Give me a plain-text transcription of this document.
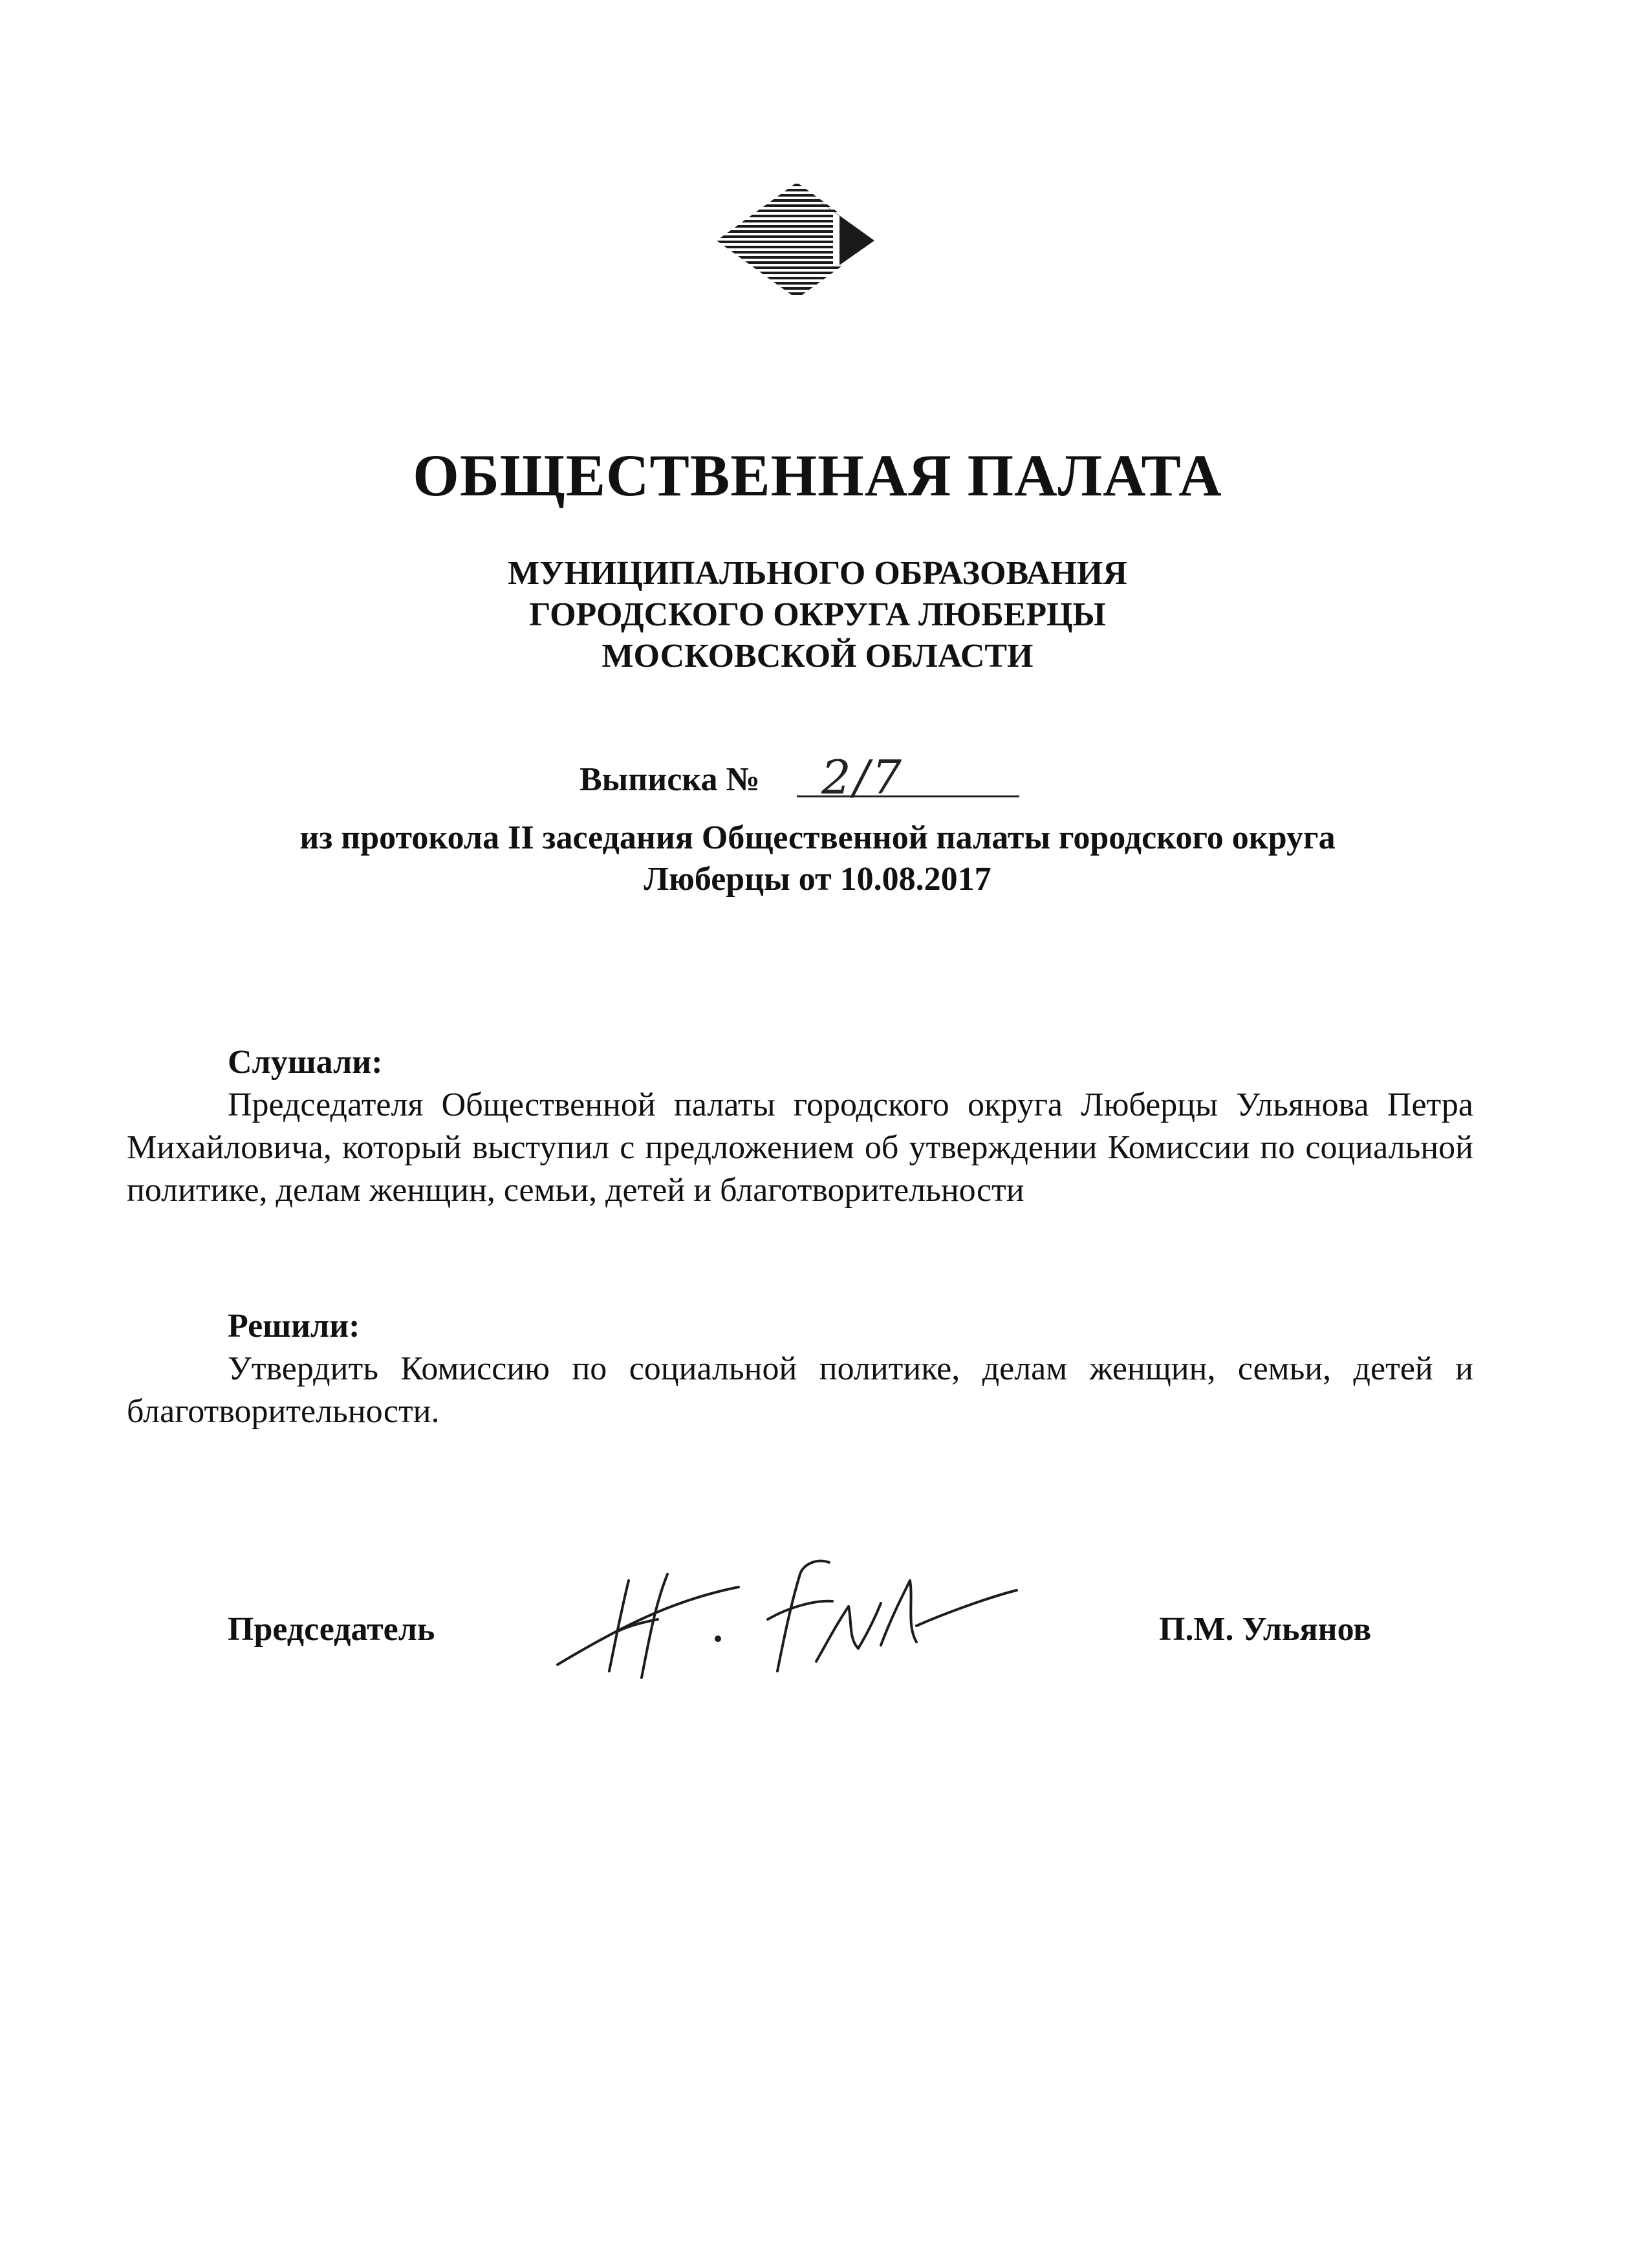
ОБЩЕСТВЕННАЯ ПАЛАТА
МУНИЦИПАЛЬНОГО ОБРАЗОВАНИЯ
ГОРОДСКОГО ОКРУГА ЛЮБЕРЦЫ
МОСКОВСКОЙ ОБЛАСТИ
Выписка № 2/7
из протокола II заседания Общественной палаты городского округа
Люберцы от 10.08.2017
Слушали:
Председателя Общественной палаты городского округа Люберцы Ульянова Петра Михайловича, который выступил с предложением об утверждении Комиссии по социальной политике, делам женщин, семьи, детей и благотворительности
Решили:
Утвердить Комиссию по социальной политике, делам женщин, семьи, детей и благотворительности.
Председатель	П.М. Ульянов
